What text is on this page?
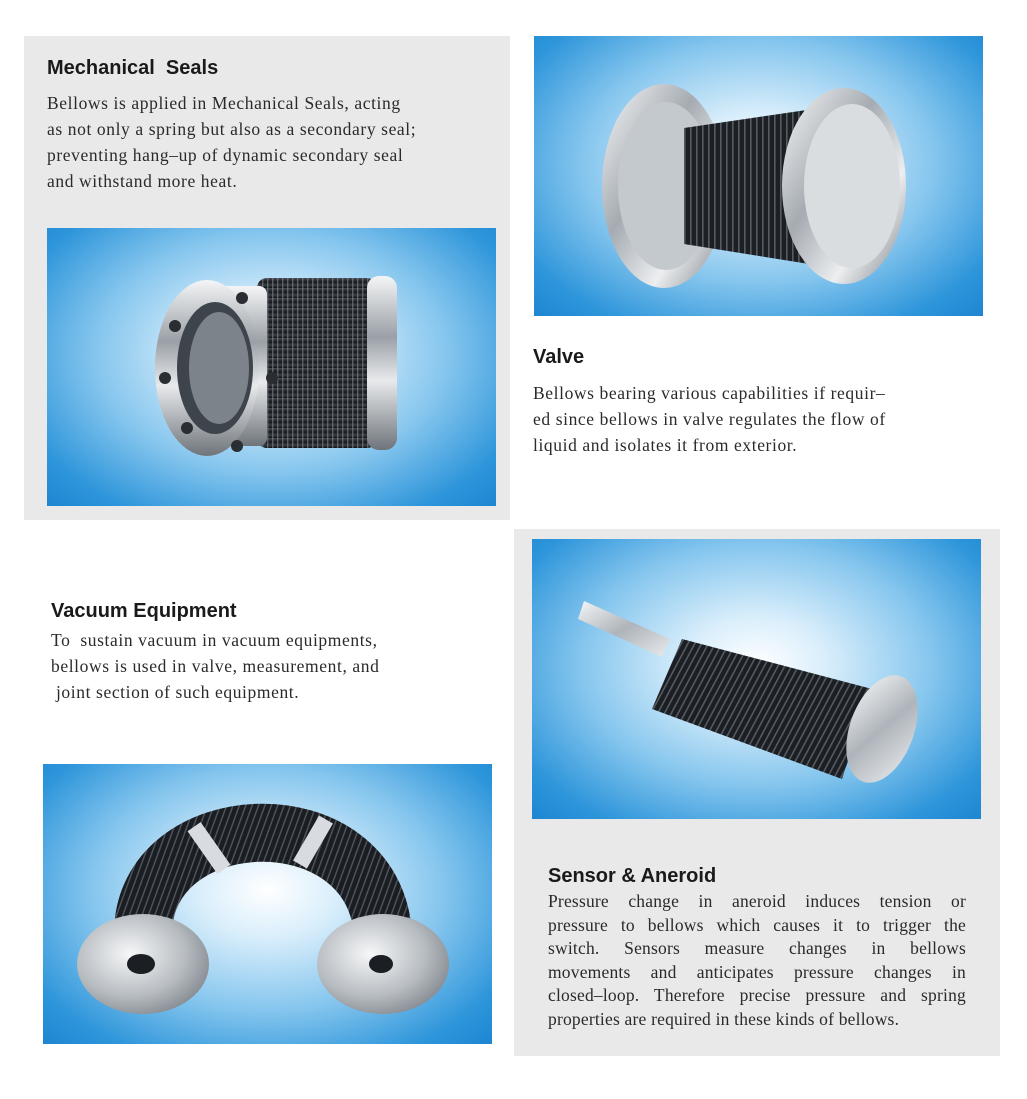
Mechanical  Seals

Bellows is applied in Mechanical Seals, acting
as not only a spring but also as a secondary seal;
preventing hang–up of dynamic secondary seal
and withstand more heat.

Valve

Bellows bearing various capabilities if requir–
ed since bellows in valve regulates the flow of
liquid and isolates it from exterior.

Vacuum Equipment

To  sustain vacuum in vacuum equipments,
bellows is used in valve, measurement, and
joint section of such equipment.

Sensor & Aneroid

Pressure change in aneroid induces tension or
pressure to bellows which causes it to trigger the
switch. Sensors measure changes in bellows
movements and anticipates pressure changes in
closed–loop. Therefore precise pressure and spring
properties are required in these kinds of bellows.
